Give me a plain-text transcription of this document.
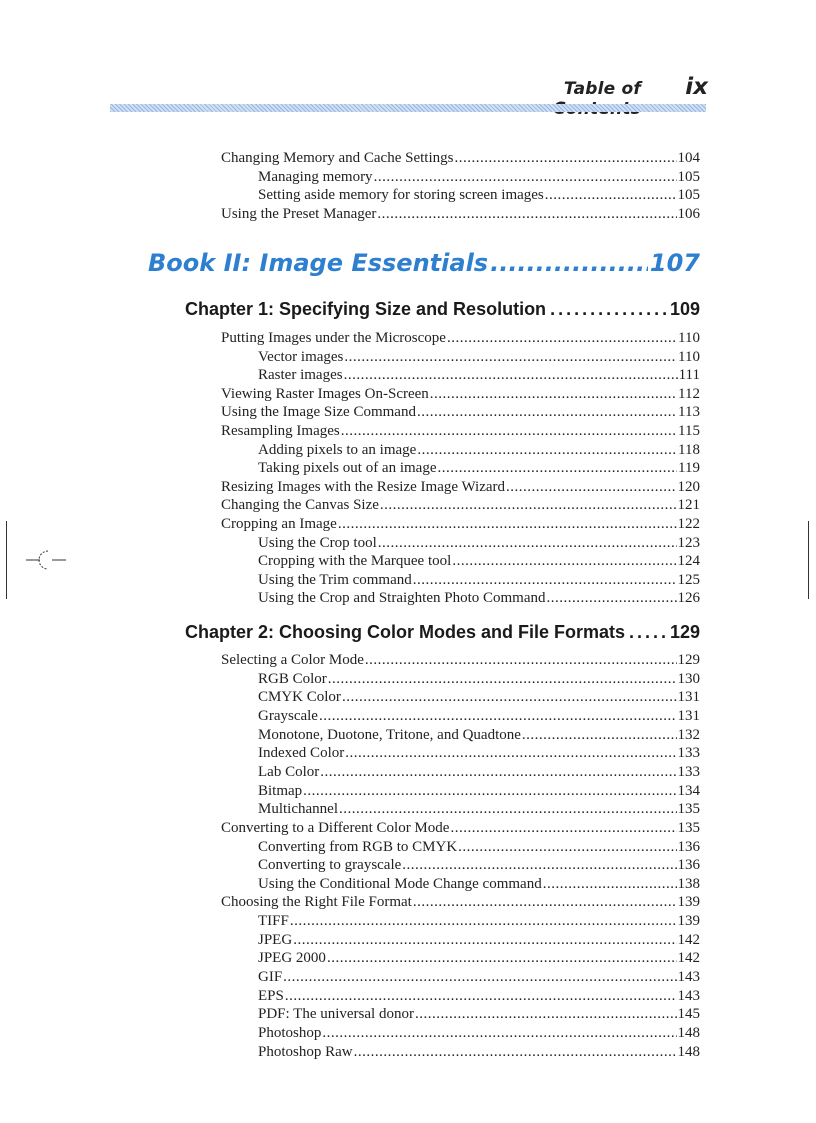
Table of	ix
Changing Memory and Cache Settings .....	104
Managing memory .....	105
Setting aside memory for storing screen images .....	105
Using the Preset Manager .....	106
Book II: Image Essentials .....	107
Chapter 1: Specifying Size and Resolution .....	109
Putting Images under the Microscope .....	110
Vector images .....	110
Raster images .....	111
Viewing Raster Images On-Screen .....	112
Using the Image Size Command .....	113
Resampling Images .....	115
Adding pixels to an image .....	118
Taking pixels out of an image .....	119
Resizing Images with the Resize Image Wizard .....	120
Changing the Canvas Size .....	121
Cropping an Image .....	122
Using the Crop tool .....	123
Cropping with the Marquee tool .....	124
Using the Trim command .....	125
Using the Crop and Straighten Photo Command .....	126
Chapter 2: Choosing Color Modes and File Formats ..... 129
Selecting a Color Mode .....	129
RGB Color .....	130
CMYK Color .....	131
Grayscale .....	131
Monotone, Duotone, Tritone, and Quadtone .....	132
Indexed Color .....	133
Lab Color .....	133
Bitmap .....	134
Multichannel .....	135
Converting to a Different Color Mode .....	135
Converting from RGB to CMYK .....	136
Converting to grayscale .....	136
Using the Conditional Mode Change command .....	138
Choosing the Right File Format .....	139
TIFF .....	139
JPEG .....	142
JPEG 2000 .....	142
GIF .....	143
EPS .....	143
PDF: The universal donor .....	145
Photoshop .....	148
Photoshop Raw .....	148
